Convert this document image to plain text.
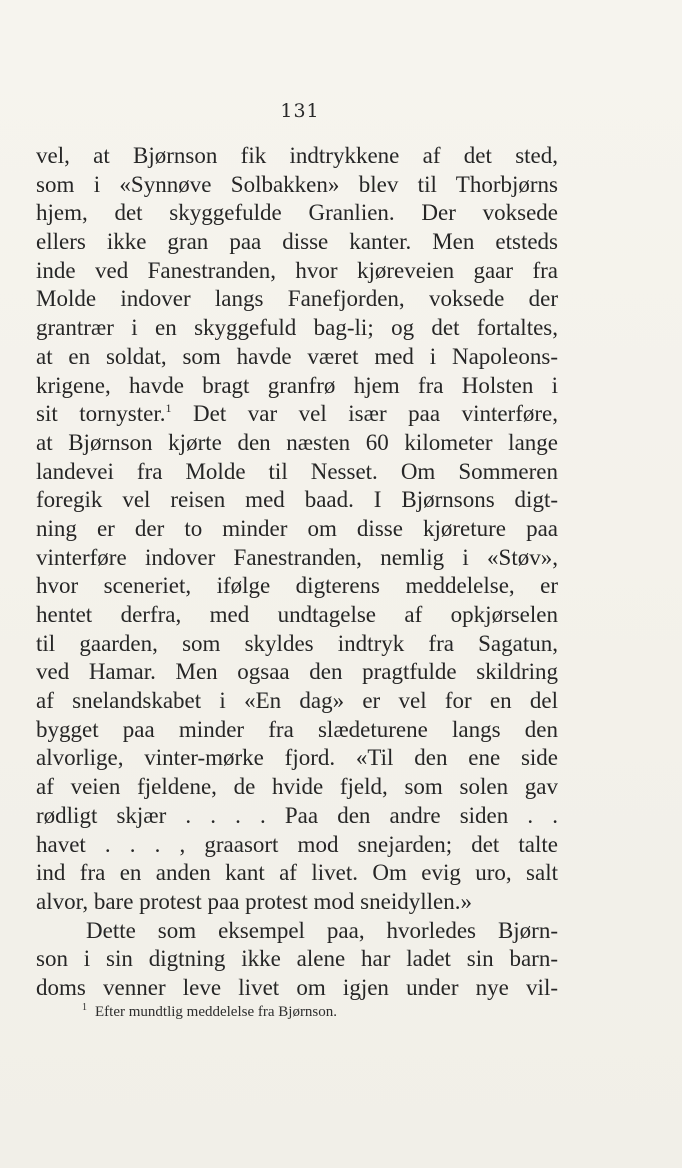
131
vel, at Bjørnson fik indtrykkene af det sted,
som i «Synnøve Solbakken» blev til Thorbjørns
hjem, det skyggefulde Granlien. Der voksede
ellers ikke gran paa disse kanter. Men etsteds
inde ved Fanestranden, hvor kjøreveien gaar fra
Molde indover langs Fanefjorden, voksede der
grantrær i en skyggefuld bag-li; og det fortaltes,
at en soldat, som havde været med i Napoleons-
krigene, havde bragt granfrø hjem fra Holsten i
sit tornyster.$^1$ Det var vel især paa vinterføre,
at Bjørnson kjørte den næsten 60 kilometer lange
landevei fra Molde til Nesset. Om Sommeren
foregik vel reisen med baad. I Bjørnsons digt-
ning er der to minder om disse kjøreture paa
vinterføre indover Fanestranden, nemlig i «Støv»,
hvor sceneriet, ifølge digterens meddelelse, er
hentet derfra, med undtagelse af opkjørselen
til gaarden, som skyldes indtryk fra Sagatun,
ved Hamar. Men ogsaa den pragtfulde skildring
af snelandskabet i «En dag» er vel for en del
bygget paa minder fra slædeturene langs den
alvorlige, vinter-mørke fjord. «Til den ene side
af veien fjeldene, de hvide fjeld, som solen gav
rødligt skjær . . . . Paa den andre siden . .
havet . . . , graasort mod snejarden; det talte
ind fra en anden kant af livet. Om evig uro, salt
alvor, bare protest paa protest mod sneidyllen.»
Dette som eksempel paa, hvorledes Bjørn-
son i sin digtning ikke alene har ladet sin barn-
doms venner leve livet om igjen under nye vil-
$^1$ Efter mundtlig meddelelse fra Bjørnson.
